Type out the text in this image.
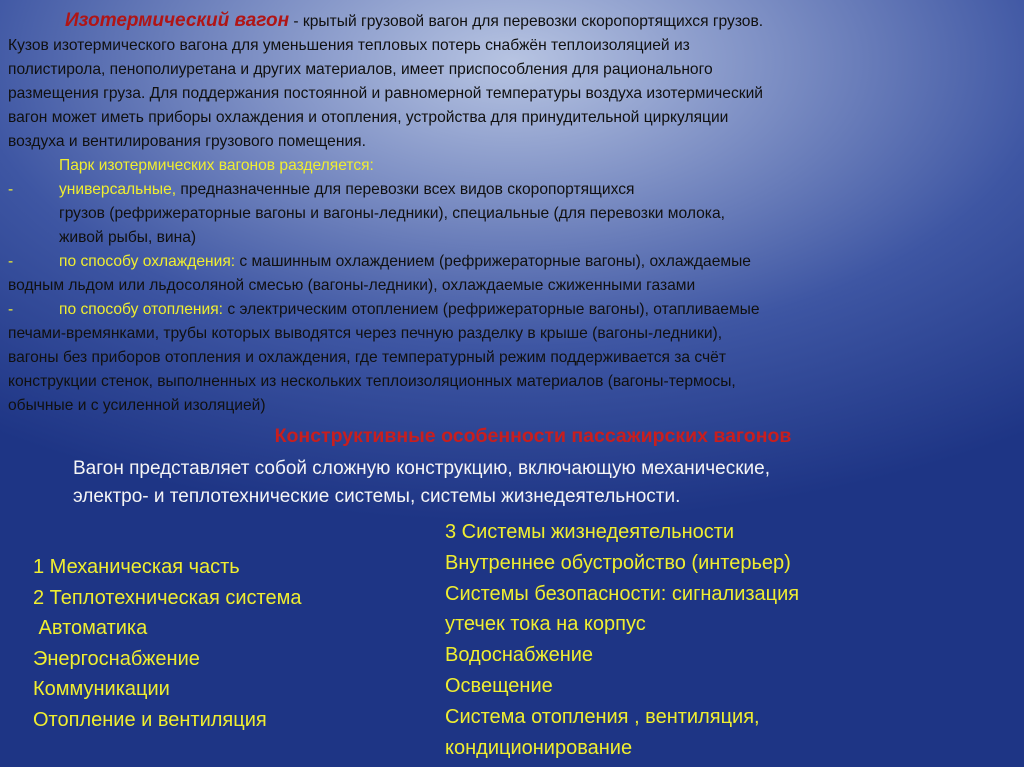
Изотермический вагон - крытый грузовой вагон для перевозки скоропортящихся грузов.
Кузов изотермического вагона для уменьшения тепловых потерь снабжён теплоизоляцией из
полистирола, пенополиуретана и других материалов, имеет приспособления для рационального
размещения груза. Для поддержания постоянной и равномерной температуры воздуха изотермический
вагон может иметь приборы охлаждения и отопления, устройства для принудительной циркуляции
воздуха и вентилирования грузового помещения.
Парк изотермических вагонов разделяется:
-	универсальные, предназначенные для перевозки всех видов скоропортящихся
грузов (рефрижераторные вагоны и вагоны-ледники), специальные (для перевозки молока,
живой рыбы, вина)
-	по способу охлаждения: с машинным охлаждением (рефрижераторные вагоны), охлаждаемые
водным льдом или льдосоляной смесью (вагоны-ледники), охлаждаемые сжиженными газами
-	по способу отопления: с электрическим отоплением (рефрижераторные вагоны), отапливаемые
печами-времянками, трубы которых выводятся через печную разделку в крыше (вагоны-ледники),
вагоны без приборов отопления и охлаждения, где температурный режим поддерживается за счёт
конструкции стенок, выполненных из нескольких теплоизоляционных материалов (вагоны-термосы,
обычные и с усиленной изоляцией)
Конструктивные особенности пассажирских вагонов
Вагон представляет собой сложную конструкцию, включающую механические,
электро- и теплотехнические системы, системы жизнедеятельности.
1 Механическая часть
2 Теплотехническая система
Автоматика
Энергоснабжение
Коммуникации
Отопление и вентиляция
3 Системы жизнедеятельности
Внутреннее обустройство (интерьер)
Системы безопасности: сигнализация
утечек тока на корпус
Водоснабжение
Освещение
Система отопления , вентиляция,
кондиционирование
